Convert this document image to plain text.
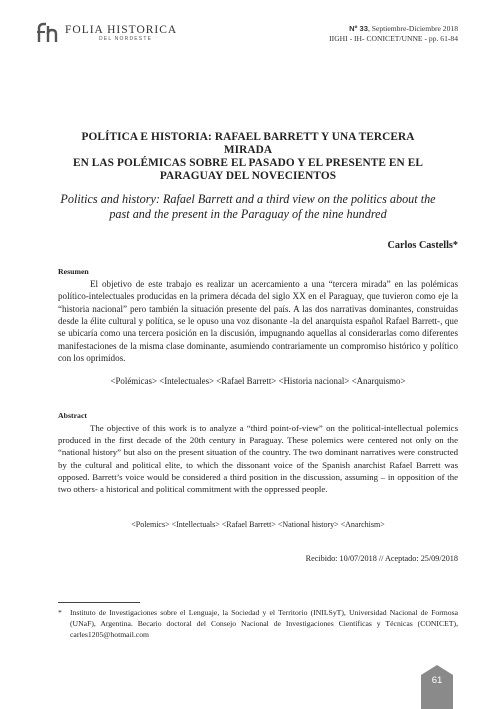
FOLIA HISTORICA
DEL NORDESTE
Nº 33, Septiembre-Diciembre 2018
IIGHI - IH- CONICET/UNNE - pp. 61-84
POLÍTICA E HISTORIA: RAFAEL BARRETT Y UNA TERCERA MIRADA
EN LAS POLÉMICAS SOBRE EL PASADO Y EL PRESENTE EN EL
PARAGUAY DEL NOVECIENTOS
Politics and history: Rafael Barrett and a third view on the politics about the
past and the present in the Paraguay of the nine hundred
Carlos Castells*
Resumen

El objetivo de este trabajo es realizar un acercamiento a una “tercera mirada” en las polémicas político-intelectuales producidas en la primera década del siglo XX en el Paraguay, que tuvieron como eje la “historia nacional” pero también la situación presente del país. A las dos narrativas dominantes, construidas desde la élite cultural y política, se le opuso una voz disonante -la del anarquista español Rafael Barrett-, que se ubicaría como una tercera posición en la discusión, impugnando aquellas al considerarlas como diferentes manifestaciones de la misma clase dominante, asumiendo contrariamente un compromiso histórico y político con los oprimidos.

<Polémicas> <Intelectuales> <Rafael Barrett> <Historia nacional> <Anarquismo>
Abstract

The objective of this work is to analyze a “third point-of-view” on the political-intellectual polemics produced in the first decade of the 20th century in Paraguay. These polemics were centered not only on the “national history” but also on the present situation of the country. The two dominant narratives were constructed by the cultural and political elite, to which the dissonant voice of the Spanish anarchist Rafael Barrett was opposed. Barrett’s voice would be considered a third position in the discussion, assuming – in opposition of the two others- a historical and political commitment with the oppressed people.

<Polemics> <Intellectuals> <Rafael Barrett> <National history> <Anarchism>
Recibido: 10/07/2018 // Aceptado: 25/09/2018
* Instituto de Investigaciones sobre el Lenguaje, la Sociedad y el Territorio (INILSyT), Universidad Nacional de Formosa (UNaF), Argentina. Becario doctoral del Consejo Nacional de Investigaciones Científicas y Técnicas (CONICET), carles1205@hotmail.com
61
